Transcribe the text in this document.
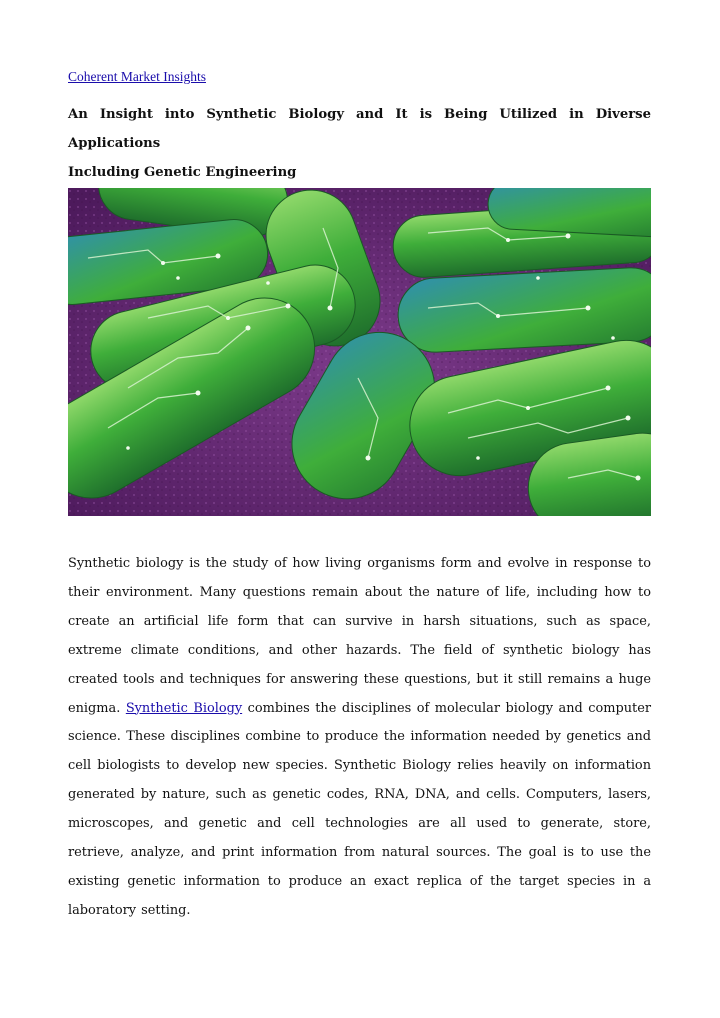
Coherent Market Insights
An Insight into Synthetic Biology and It is Being Utilized in Diverse Applications
Including Genetic Engineering

Synthetic biology is the study of how living organisms form and evolve in response to their environment. Many questions remain about the nature of life, including how to create an artificial life form that can survive in harsh situations, such as space, extreme climate conditions, and other hazards. The field of synthetic biology has created tools and techniques for answering these questions, but it still remains a huge enigma. Synthetic Biology combines the disciplines of molecular biology and computer science. These disciplines combine to produce the information needed by genetics and cell biologists to develop new species. Synthetic Biology relies heavily on information generated by nature, such as genetic codes, RNA, DNA, and cells. Computers, lasers, microscopes, and genetic and cell technologies are all used to generate, store, retrieve, analyze, and print information from natural sources. The goal is to use the existing genetic information to produce an exact replica of the target species in a laboratory setting.
